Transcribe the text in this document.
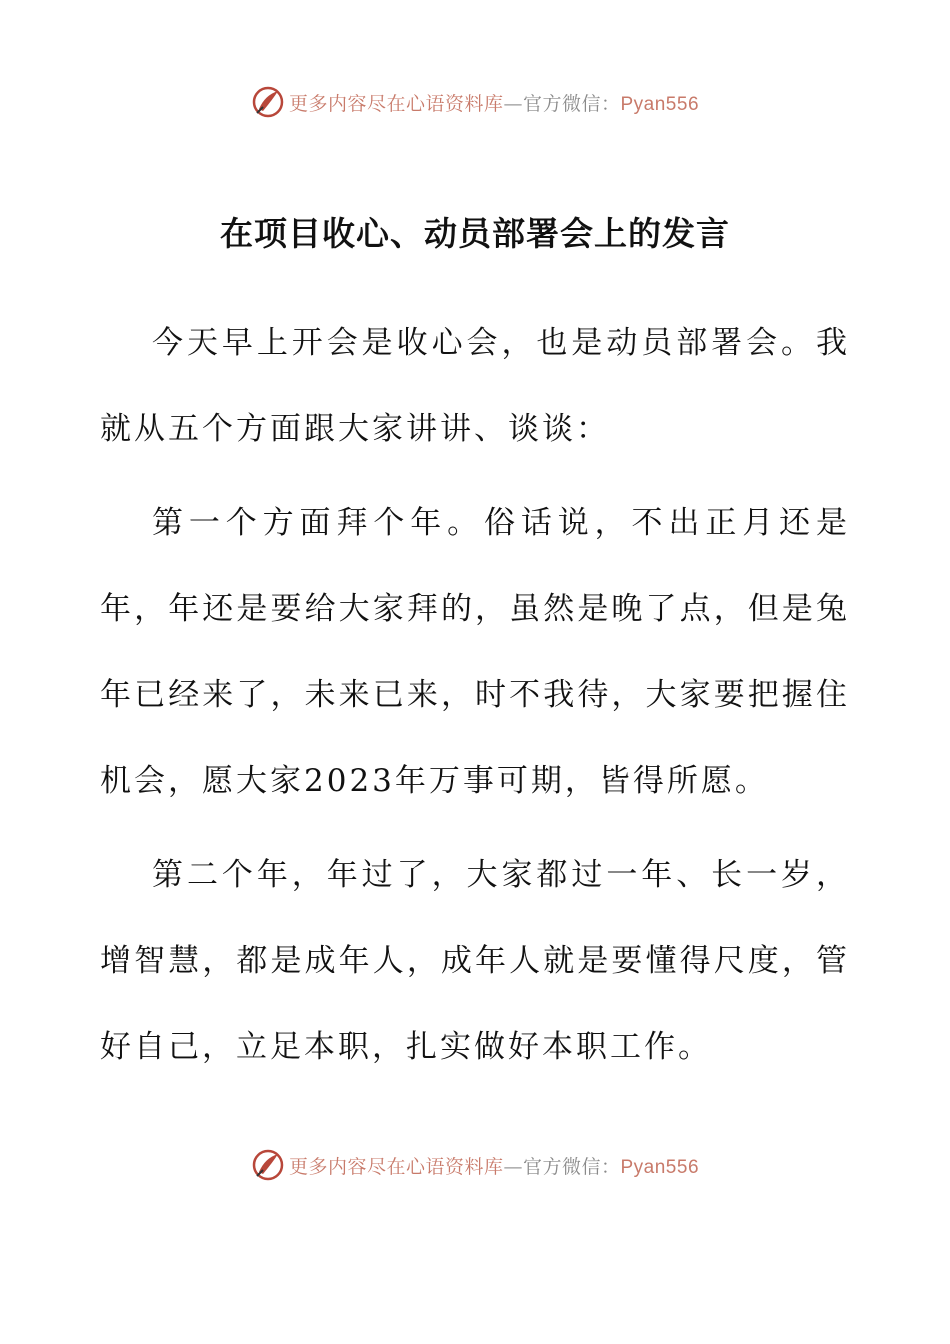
更多内容尽在心语资料库—官方微信：Pyan556
在项目收心、动员部署会上的发言

今天早上开会是收心会，也是动员部署会。我就从五个方面跟大家讲讲、谈谈：

第一个方面拜个年。俗话说，不出正月还是年，年还是要给大家拜的，虽然是晚了点，但是兔年已经来了，未来已来，时不我待，大家要把握住机会，愿大家2023年万事可期，皆得所愿。

第二个年，年过了，大家都过一年、长一岁，增智慧，都是成年人，成年人就是要懂得尺度，管好自己，立足本职，扎实做好本职工作。

更多内容尽在心语资料库—官方微信：Pyan556
